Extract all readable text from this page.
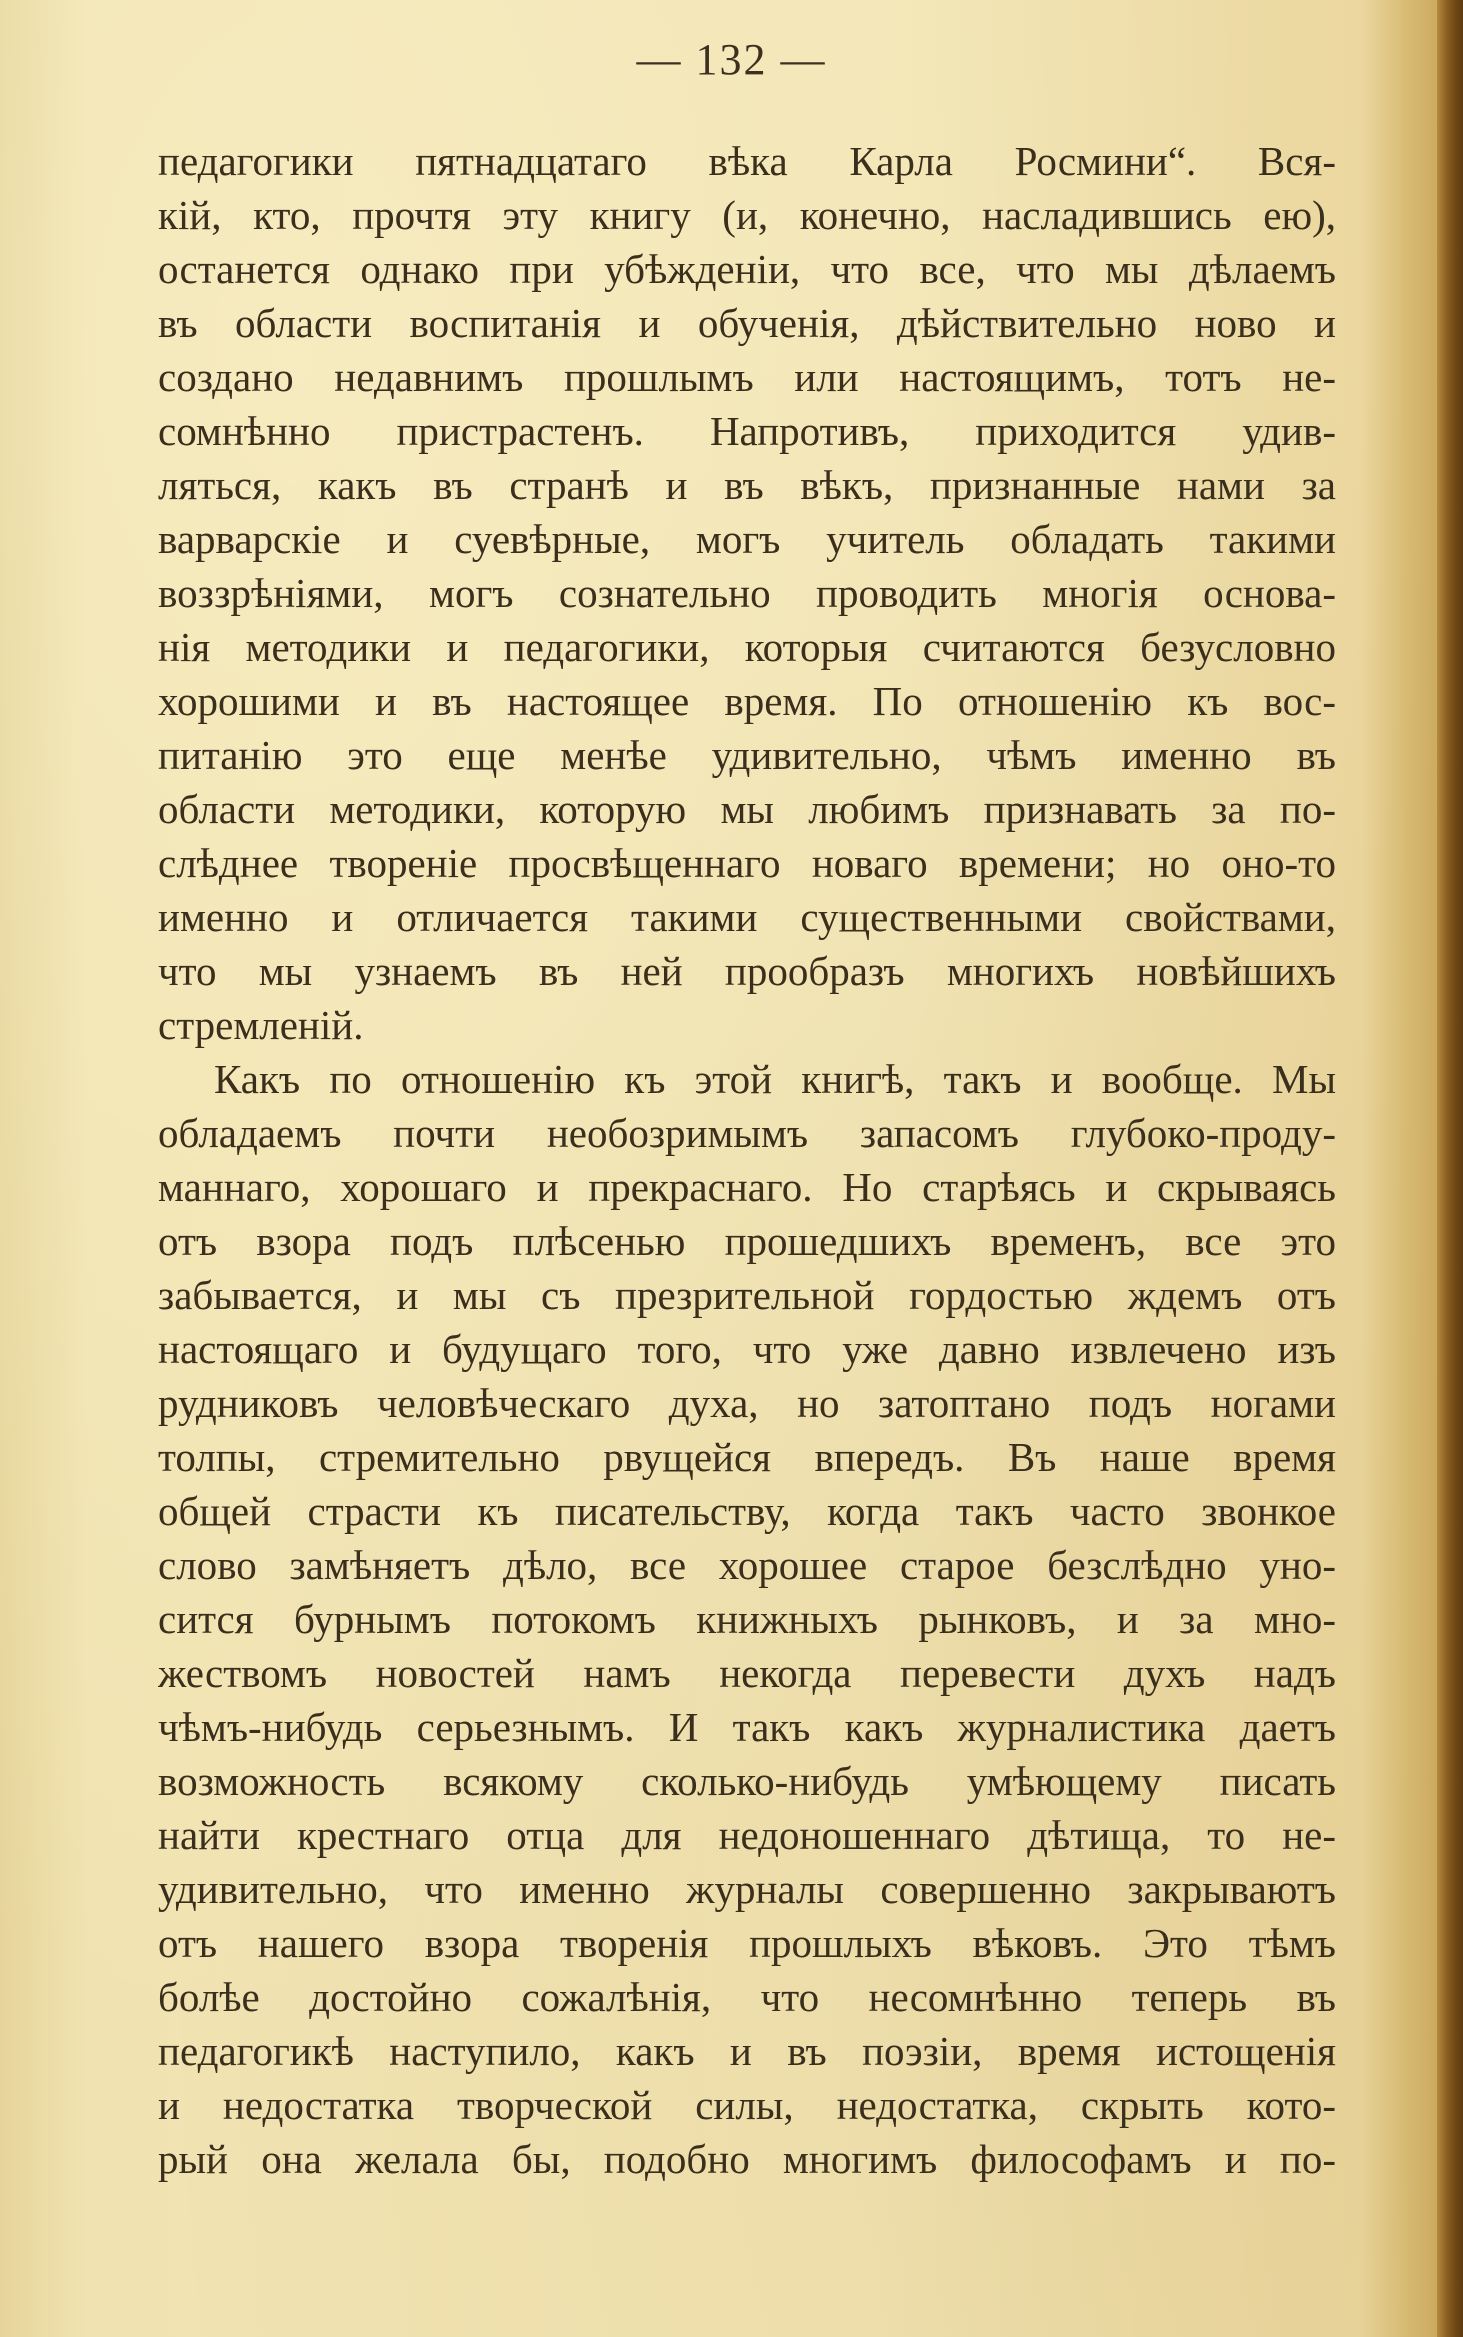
— 132 —
педагогики пятнадцатаго вѣка Карла Росмини“. Вся-
кій, кто, прочтя эту книгу (и, конечно, насладившись ею),
останется однако при убѣжденіи, что все, что мы дѣлаемъ
въ области воспитанія и обученія, дѣйствительно ново и
создано недавнимъ прошлымъ или настоящимъ, тотъ не-
сомнѣнно пристрастенъ. Напротивъ, приходится удив-
ляться, какъ въ странѣ и въ вѣкъ, признанные нами за
варварскіе и суевѣрные, могъ учитель обладать такими
воззрѣніями, могъ сознательно проводить многія основа-
нія методики и педагогики, которыя считаются безусловно
хорошими и въ настоящее время. По отношенію къ вос-
питанію это еще менѣе удивительно, чѣмъ именно въ
области методики, которую мы любимъ признавать за по-
слѣднее твореніе просвѣщеннаго новаго времени; но оно-то
именно и отличается такими существенными свойствами,
что мы узнаемъ въ ней прообразъ многихъ новѣйшихъ
стремленій.
Какъ по отношенію къ этой книгѣ, такъ и вообще. Мы
обладаемъ почти необозримымъ запасомъ глубоко-проду-
маннаго, хорошаго и прекраснаго. Но старѣясь и скрываясь
отъ взора подъ плѣсенью прошедшихъ временъ, все это
забывается, и мы съ презрительной гордостью ждемъ отъ
настоящаго и будущаго того, что уже давно извлечено изъ
рудниковъ человѣческаго духа, но затоптано подъ ногами
толпы, стремительно рвущейся впередъ. Въ наше время
общей страсти къ писательству, когда такъ часто звонкое
слово замѣняетъ дѣло, все хорошее старое безслѣдно уно-
сится бурнымъ потокомъ книжныхъ рынковъ, и за мно-
жествомъ новостей намъ некогда перевести духъ надъ
чѣмъ-нибудь серьезнымъ. И такъ какъ журналистика даетъ
возможность всякому сколько-нибудь умѣющему писать
найти крестнаго отца для недоношеннаго дѣтища, то не-
удивительно, что именно журналы совершенно закрываютъ
отъ нашего взора творенія прошлыхъ вѣковъ. Это тѣмъ
болѣе достойно сожалѣнія, что несомнѣнно теперь въ
педагогикѣ наступило, какъ и въ поэзіи, время истощенія
и недостатка творческой силы, недостатка, скрыть кото-
рый она желала бы, подобно многимъ философамъ и по-
